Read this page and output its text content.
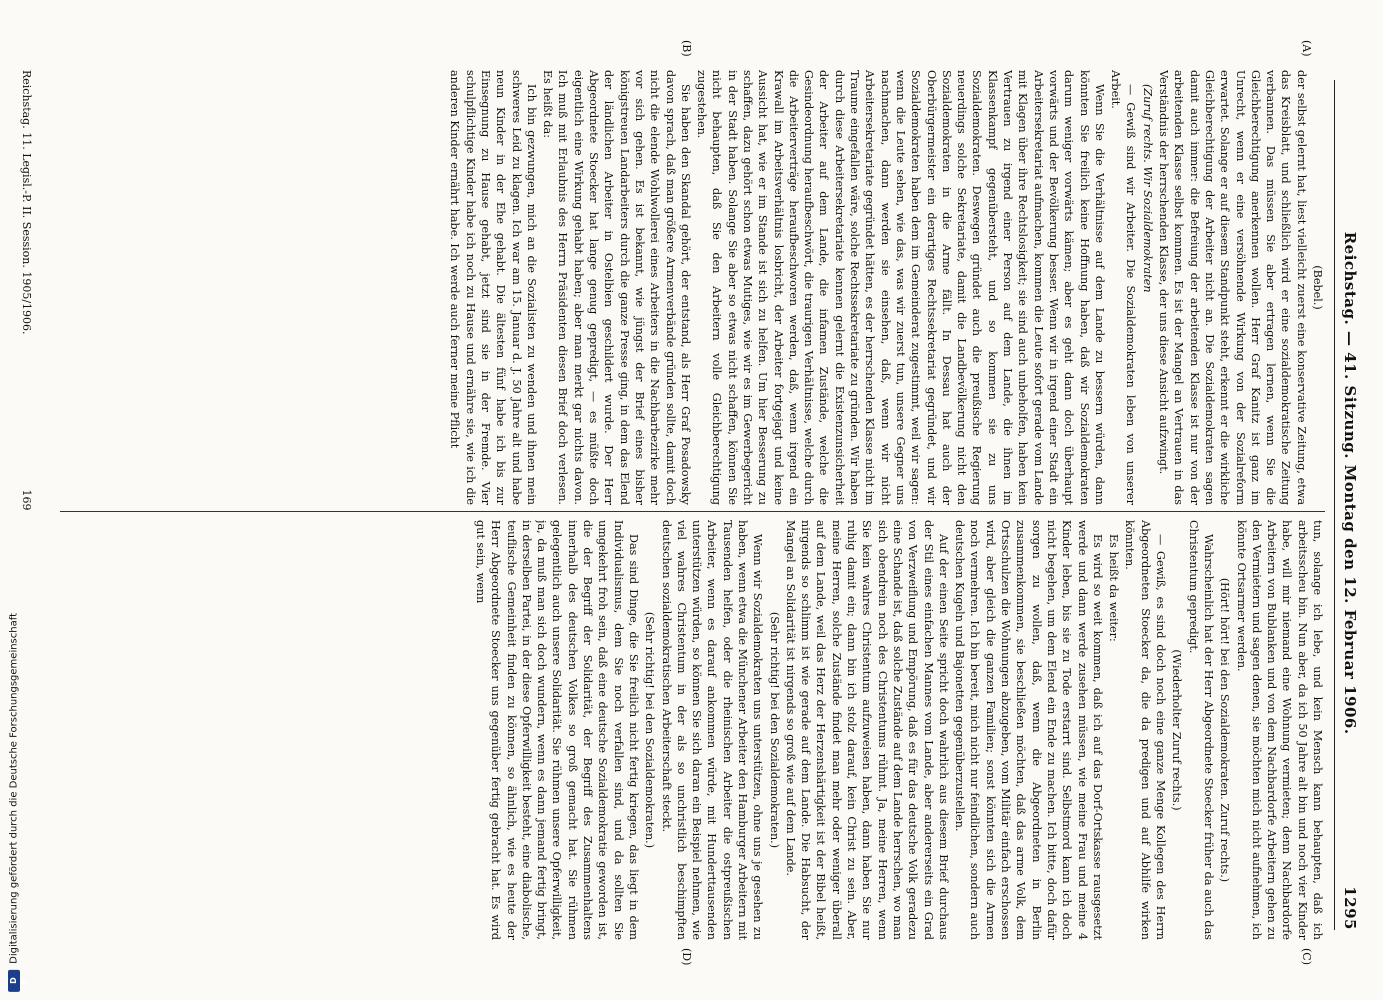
Reichstag. — 41. Sitzung. Montag den 12. Februar 1906.
1295
(A)
(B)
(C)
(D)

(Bebel.)

der selbst gelernt hat, liest vielleicht zuerst eine konservative Zeitung, etwa das Kreisblatt, und schließlich wird er eine sozialdemokratische Zeitung verbannen. Das müssen Sie aber ertragen lernen, wenn Sie die Gleichberechtigung anerkennen wollen. Herr Graf Kanitz ist ganz im Unrecht, wenn er eine versöhnende Wirkung von der Sozialreform erwartet. Solange er auf diesem Standpunkt steht, erkennt er die wirkliche Gleichberechtigung der Arbeiter nicht an. Die Sozialdemokraten sagen damit auch immer: die Befreiung der arbeitenden Klasse ist nur von der arbeitenden Klasse selbst kommen. Es ist der Mangel an Vertrauen in das Verständnis der herrschenden Klasse, der uns diese Ansicht aufzwingt.

(Zuruf rechts. Wir Sozialdemokraten

— Gewiß sind wir Arbeiter. Die Sozialdemokraten leben von unserer Arbeit.

Wenn Sie die Verhältnisse auf dem Lande zu bessern würden, dann könnten Sie freilich keine Hoffnung haben, daß wir Sozialdemokraten darum weniger vorwärts kämen; aber es geht dann doch überhaupt vorwärts und der Bevölkerung besser. Wenn wir in irgend einer Stadt ein Arbeitersekretariat aufmachen, kommen die Leute sofort gerade vom Lande mit Klagen über ihre Rechtslosigkeit; sie sind auch unbeholfen, haben kein Vertrauen zu irgend einer Person auf dem Lande, die ihnen im Klassenkampf gegenübersteht, und so kommen sie zu uns Sozialdemokraten. Deswegen gründet auch die preußische Regierung neuerdings solche Sekretariate, damit die Landbevölkerung nicht den Sozialdemokraten in die Arme fällt. In Dessau hat auch der Oberbürgermeister ein derartiges Rechtssekretariat gegründet, und wir Sozialdemokraten haben dem im Gemeinderat zugestimmt, weil wir sagen: wenn die Leute sehen, wie das, was wir zuerst tun, unsere Gegner uns nachmachen, dann werden sie einsehen, daß, wenn wir nicht Arbeitersekretariate gegründet hätten, es der herrschenden Klasse nicht im Traume eingefallen wäre, solche Rechtssekretariate zu gründen. Wir haben durch diese Arbeitersekretariate kennen gelernt die Existenzunsicherheit der Arbeiter auf dem Lande, die infamen Zustände, welche die Gesindeordnung heraufbeschwört, die traurigen Verhältnisse, welche durch die Arbeiterverträge heraufbeschworen werden, daß, wenn irgend ein Krawall im Arbeitsverhältnis losbricht, der Arbeiter fortgejagt und keine Aussicht hat, wie er im Stande ist sich zu helfen. Um hier Besserung zu schaffen, dazu gehört schon etwas Mutiges, wie wir es im Gewerbegericht in der Stadt haben. Solange Sie aber so etwas nicht schaffen, können Sie nicht behaupten, daß Sie den Arbeitern volle Gleichberechtigung zugestehen.

Sie haben den Skandal gehört, der entstand, als Herr Graf Posadowsky davon sprach, daß man größere Armenverbände gründen sollte, damit doch nicht die elende Wohlwollerei eines Arbeiters in die Nachbarbezirke mehr vor sich gehen. Es ist bekannt, wie jüngst der Brief eines bisher königstreuen Landarbeiters durch die ganze Presse ging, in dem das Elend der ländlichen Arbeiter in Ostelbien geschildert wurde. Der Herr Abgeordnete Stoecker hat lange genug gepredigt, — es müßte doch eigentlich eine Wirkung gehabt haben; aber man merkt gar nichts davon. Ich muß mit Erlaubnis des Herrn Präsidenten diesen Brief doch verlesen. Es heißt da:

Ich bin gezwungen, mich an die Sozialisten zu wenden und ihnen mein schweres Leid zu klagen. Ich war am 15. Januar d. J. 50 Jahre alt und habe neun Kinder in der Ehe gehabt. Die ältesten fünf habe ich bis zur Einsegnung zu Hause gehabt, jetzt sind sie in der Fremde. Vier schulpflichtige Kinder habe ich noch zu Hause und ernähre sie, wie ich die anderen Kinder ernährt habe. Ich werde auch ferner meine Pflicht

tun, solange ich lebe, und kein Mensch kann behaupten, daß ich arbeitsscheu bin. Nun aber, da ich 50 Jahre alt bin und noch vier Kinder habe, will mir niemand eine Wohnung vermieten; denn Nachbardorfe Arbeitern von Bublanken und von dem Nachbardorfe Arbeitern gehen zu den Vermietern und sagen denen, sie möchten mich nicht aufnehmen, ich könnte Ortsarmer werden.

(Hört! hört! bei den Sozialdemokraten. Zuruf rechts.)

Wahrscheinlich hat der Herr Abgeordnete Stoecker früher da auch das Christentum gepredigt.

(Wiederholter Zuruf rechts.)

— Gewiß, es sind doch noch eine ganze Menge Kollegen des Herrn Abgeordneten Stoecker da, die da predigen und auf Abhilfe wirken könnten.

Es heißt da weiter:

Es wird so weit kommen, daß ich auf das Dorf-Ortskasse rausgesetzt werde und dann werde zusehen müssen, wie meine Frau und meine 4 Kinder leben, bis sie zu Tode erstarrt sind. Selbstmord kann ich doch nicht begehen, um dem Elend ein Ende zu machen. Ich bitte, doch dafür sorgen zu wollen, daß, wenn die Abgeordneten in Berlin zusammenkommen, sie beschließen möchten, daß das arme Volk, dem Ortsschulzen die Wohnungen abzugeben, vom Militär einfach erschossen wird, aber gleich die ganzen Familien; sonst könnten sich die Armen noch vermehren. Ich bin bereit, mich nicht nur feindlichen, sondern auch deutschen Kugeln und Bajonetten gegenüberzustellen.

Auf der einen Seite spricht doch wahrlich aus diesem Brief durchaus der Stil eines einfachen Mannes vom Lande, aber andererseits ein Grad von Verzweiflung und Empörung, daß es für das deutsche Volk geradezu eine Schande ist, daß solche Zustände auf dem Lande herrschen, wo man sich obendrein noch des Christentums rühmt. Ja, meine Herren, wenn Sie kein wahres Christentum aufzuweisen haben, dann haben Sie nur ruhig damit ein; dann bin ich stolz darauf, kein Christ zu sein. Aber, meine Herren, solche Zustände findet man mehr oder weniger überall auf dem Lande, weil das Herz der Herzenshärtigkeit ist der Bibel heißt, nirgends so schlimm ist wie gerade auf dem Lande. Die Habsucht, der Mangel an Solidarität ist nirgends so groß wie auf dem Lande.

(Sehr richtig! bei den Sozialdemokraten.)

Wenn wir Sozialdemokraten uns unterstützen, ohne uns je gesehen zu haben, wenn etwa die Münchener Arbeiter den Hamburger Arbeitern mit Tausenden helfen, oder die rheinischen Arbeiter die ostpreußischen Arbeiter, wenn es darauf ankommen würde, mit Hunderttausenden unterstützen würden, so können Sie sich daran ein Beispiel nehmen, wie viel wahres Christentum in der als so unchristlich beschimpften deutschen sozialdemokratischen Arbeiterschaft steckt.

(Sehr richtig! bei den Sozialdemokraten.)

Das sind Dinge, die Sie freilich nicht fertig kriegen, das liegt in dem Individualismus, dem Sie noch verfallen sind, und da sollten Sie umgekehrt froh sein, daß eine deutsche Sozialdemokratie geworden ist, die der Begriff der Solidarität, der Begriff des Zusammenhaltens innerhalb des deutschen Volkes so groß gemacht hat. Sie rühmen gelegentlich auch unsere Solidarität. Sie rühmen unsere Opferwilligkeit, ja, da muß man sich doch wundern, wenn es dann jemand fertig bringt, in derselben Partei, in der diese Opferwilligkeit besteht, eine diabolische, teuflische Gemeinheit finden zu können, so ähnlich, wie es heute der Herr Abgeordnete Stoecker uns gegenüber fertig gebracht hat. Es wird gut sein, wenn

Reichstag. 11. Legisl.-P. II. Session. 1905/1906.
169
D F
Digitalisierung gefördert durch die Deutsche Forschungsgemeinschaft
